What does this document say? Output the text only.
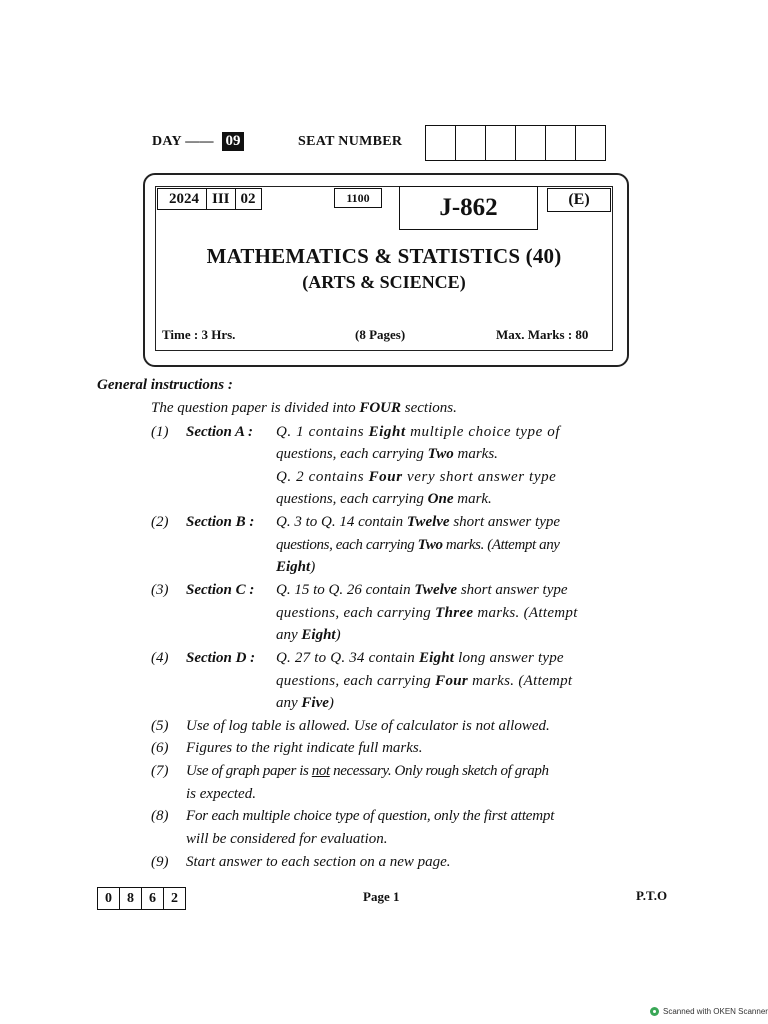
DAY —— 09	SEAT NUMBER
2024 III 02	1100	J-862	(E)
MATHEMATICS & STATISTICS (40)
(ARTS & SCIENCE)
Time : 3 Hrs.	(8 Pages)	Max. Marks : 80
General instructions :
The question paper is divided into FOUR sections.
(1) Section A : Q. 1 contains Eight multiple choice type of
questions, each carrying Two marks.
Q. 2 contains Four very short answer type
questions, each carrying One mark.
(2) Section B : Q. 3 to Q. 14 contain Twelve short answer type
questions, each carrying Two marks. (Attempt any
Eight)
(3) Section C : Q. 15 to Q. 26 contain Twelve short answer type
questions, each carrying Three marks. (Attempt
any Eight)
(4) Section D : Q. 27 to Q. 34 contain Eight long answer type
questions, each carrying Four marks. (Attempt
any Five)
(5) Use of log table is allowed. Use of calculator is not allowed.
(6) Figures to the right indicate full marks.
(7) Use of graph paper is not necessary. Only rough sketch of graph
is expected.
(8) For each multiple choice type of question, only the first attempt
will be considered for evaluation.
(9) Start answer to each section on a new page.
0	8	6	2	Page 1	P.T.O
Scanned with OKEN Scanner
